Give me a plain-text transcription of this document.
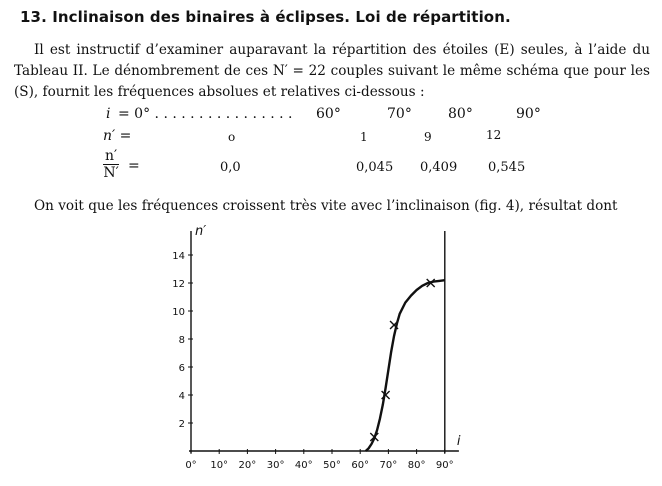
13. Inclinaison des binaires à éclipses. Loi de répartition.
Il est instructif d’examiner auparavant la répartition des étoiles (E) seules, à l’aide du Tableau II. Le dénombrement de ces N′ = 22 couples suivant le même schéma que pour les (S), fournit les fréquences absolues et relatives ci-dessous :
i = 0° . . . . . . . . . . . . . . . . 60°	70°	80°	90°
n′ =	o	1	9	12
$\frac{n'}{N'}$ =	0,0	0,045 0,409 0,545
On voit que les fréquences croissent très vite avec l’inclinaison (fig. 4), résultat dont
n′
i
2
4
6
8
10
12
14
0° 10° 20° 30° 40° 50° 60° 70° 80° 90°
